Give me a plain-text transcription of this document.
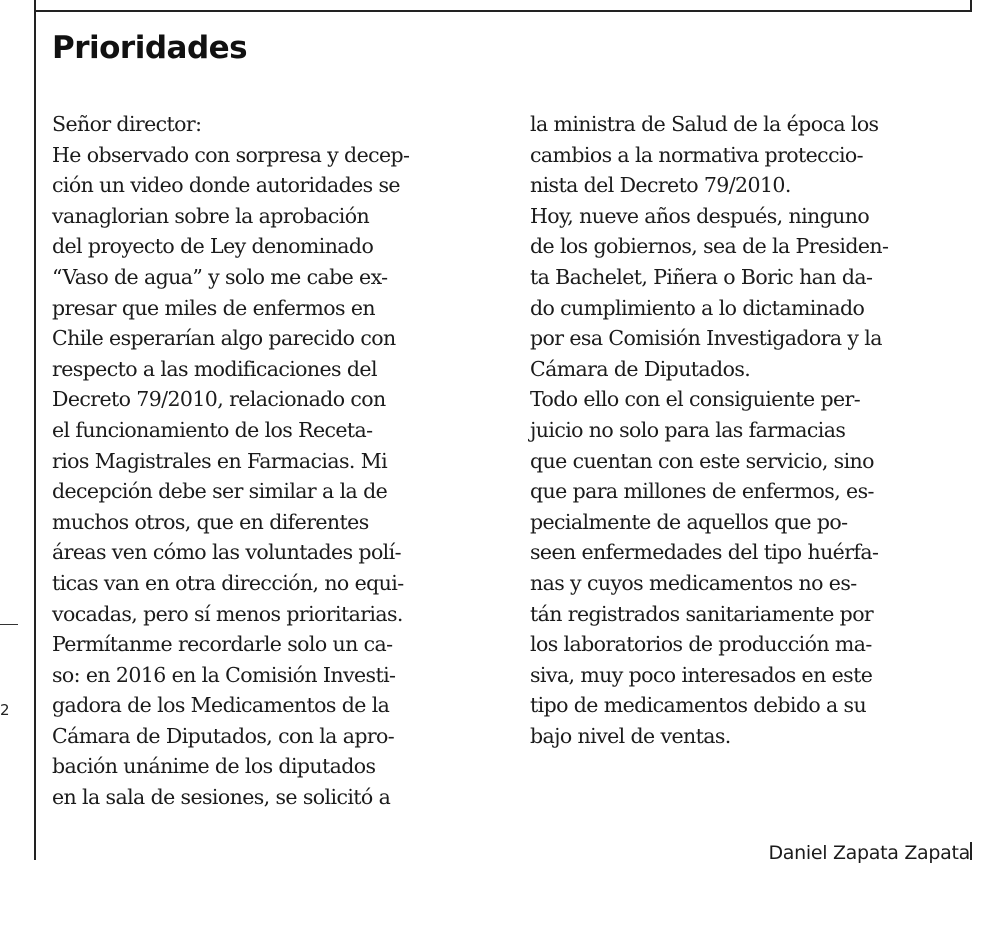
2
Prioridades
Señor director:
He observado con sorpresa y decep-
ción un video donde autoridades se
vanaglorian sobre la aprobación
del proyecto de Ley denominado
“Vaso de agua” y solo me cabe ex-
presar que miles de enfermos en
Chile esperarían algo parecido con
respecto a las modificaciones del
Decreto 79/2010, relacionado con
el funcionamiento de los Receta-
rios Magistrales en Farmacias. Mi
decepción debe ser similar a la de
muchos otros, que en diferentes
áreas ven cómo las voluntades polí-
ticas van en otra dirección, no equi-
vocadas, pero sí menos prioritarias.
Permítanme recordarle solo un ca-
so: en 2016 en la Comisión Investi-
gadora de los Medicamentos de la
Cámara de Diputados, con la apro-
bación unánime de los diputados
en la sala de sesiones, se solicitó a
la ministra de Salud de la época los
cambios a la normativa proteccio-
nista del Decreto 79/2010.
Hoy, nueve años después, ninguno
de los gobiernos, sea de la Presiden-
ta Bachelet, Piñera o Boric han da-
do cumplimiento a lo dictaminado
por esa Comisión Investigadora y la
Cámara de Diputados.
Todo ello con el consiguiente per-
juicio no solo para las farmacias
que cuentan con este servicio, sino
que para millones de enfermos, es-
pecialmente de aquellos que po-
seen enfermedades del tipo huérfa-
nas y cuyos medicamentos no es-
tán registrados sanitariamente por
los laboratorios de producción ma-
siva, muy poco interesados en este
tipo de medicamentos debido a su
bajo nivel de ventas.
Daniel Zapata Zapata
